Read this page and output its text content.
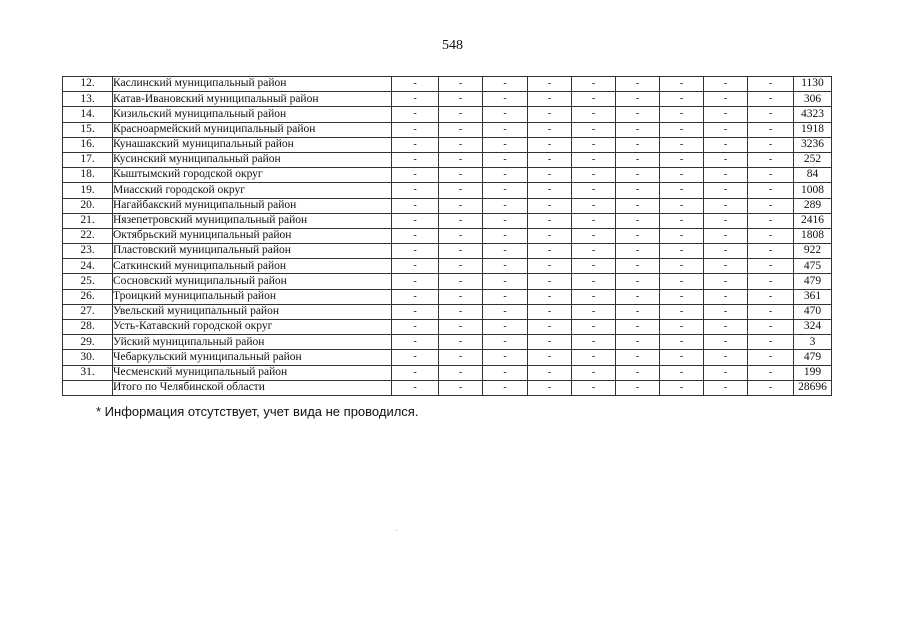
548
12.	Каслинский муниципальный район	-	-	-	-	-	-	-	-	-	1130
13.	Катав-Ивановский муниципальный район	-	-	-	-	-	-	-	-	-	306
14.	Кизильский муниципальный район	-	-	-	-	-	-	-	-	-	4323
15.	Красноармейский муниципальный район	-	-	-	-	-	-	-	-	-	1918
16.	Кунашакский муниципальный район	-	-	-	-	-	-	-	-	-	3236
17.	Кусинский муниципальный район	-	-	-	-	-	-	-	-	-	252
18.	Кыштымский городской округ	-	-	-	-	-	-	-	-	-	84
19.	Миасский городской округ	-	-	-	-	-	-	-	-	-	1008
20.	Нагайбакский муниципальный район	-	-	-	-	-	-	-	-	-	289
21.	Нязепетровский муниципальный район	-	-	-	-	-	-	-	-	-	2416
22.	Октябрьский муниципальный район	-	-	-	-	-	-	-	-	-	1808
23.	Пластовский муниципальный район	-	-	-	-	-	-	-	-	-	922
24.	Саткинский муниципальный район	-	-	-	-	-	-	-	-	-	475
25.	Сосновский муниципальный район	-	-	-	-	-	-	-	-	-	479
26.	Троицкий муниципальный район	-	-	-	-	-	-	-	-	-	361
27.	Увельский муниципальный район	-	-	-	-	-	-	-	-	-	470
28.	Усть-Катавский городской округ	-	-	-	-	-	-	-	-	-	324
29.	Уйский муниципальный район	-	-	-	-	-	-	-	-	-	3
30.	Чебаркульский муниципальный район	-	-	-	-	-	-	-	-	-	479
31.	Чесменский муниципальный район	-	-	-	-	-	-	-	-	-	199
	Итого по Челябинской области	-	-	-	-	-	-	-	-	-	28696
* Информация отсутствует, учет вида не проводился.
